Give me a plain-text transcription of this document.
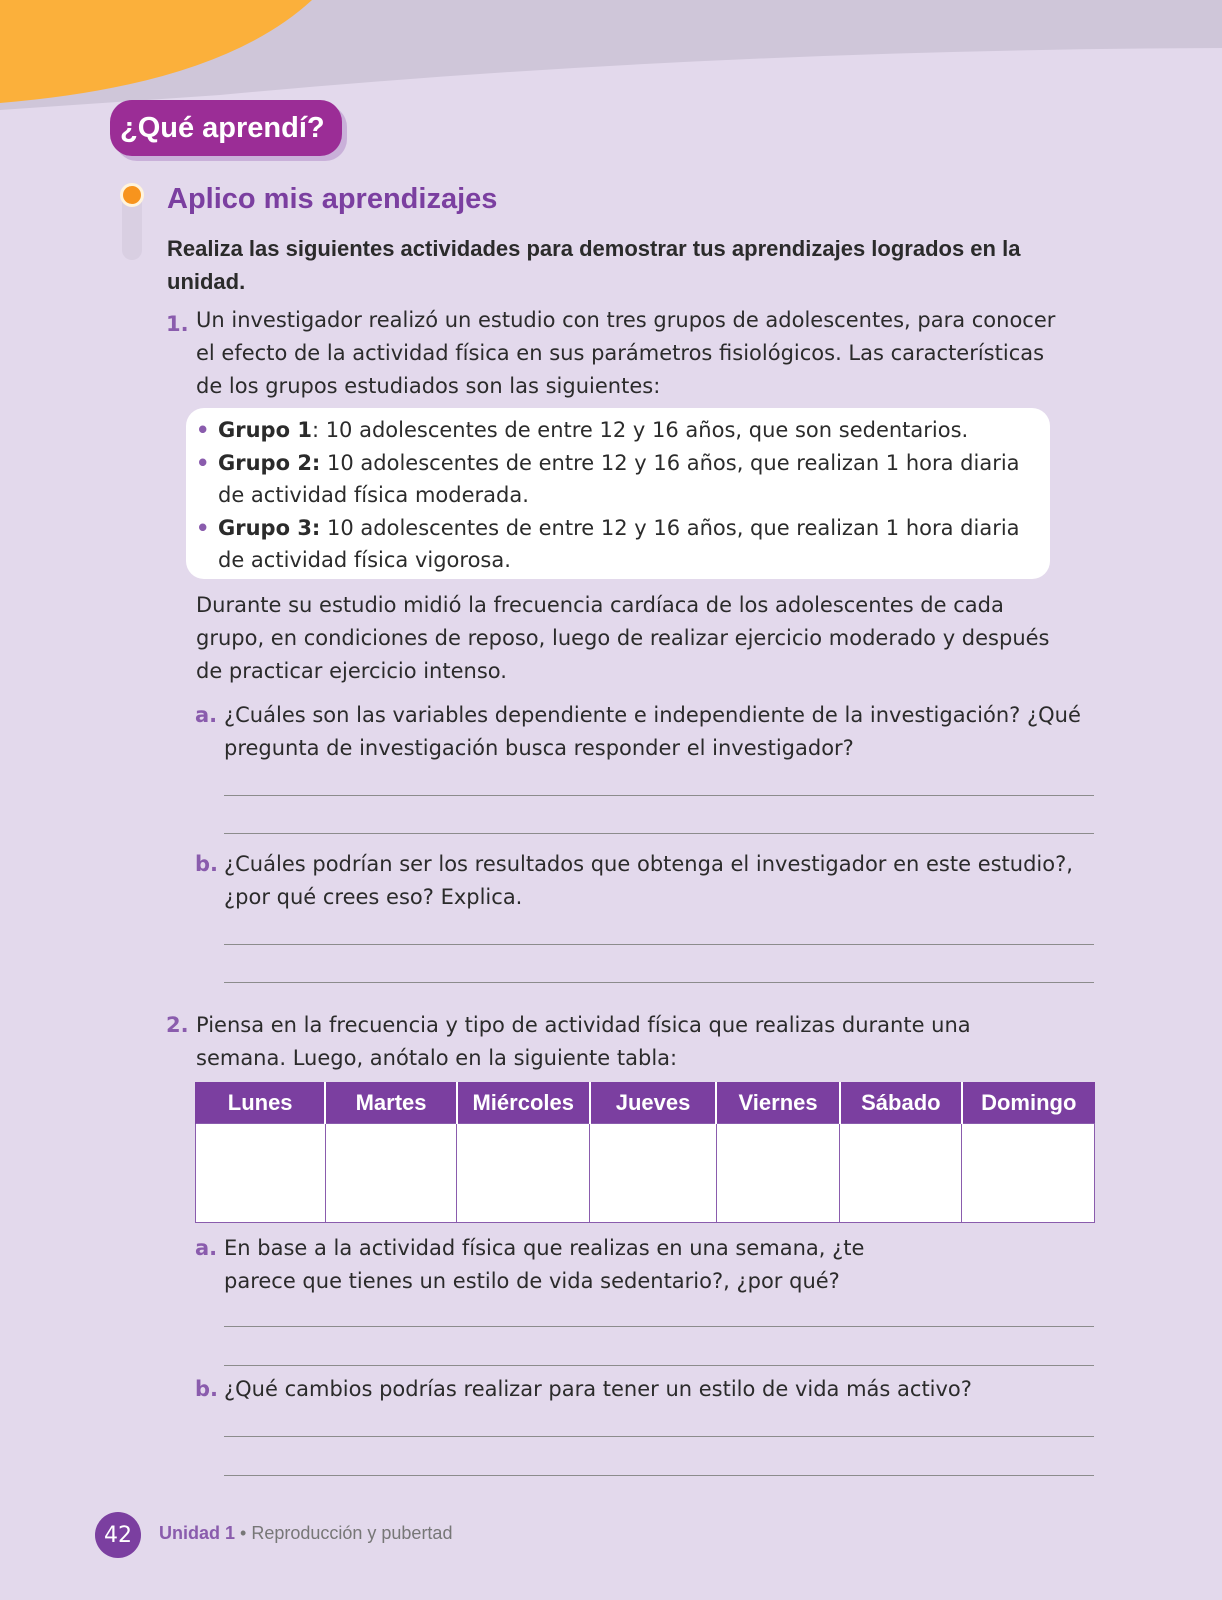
¿Qué aprendí?
Aplico mis aprendizajes
Realiza las siguientes actividades para demostrar tus aprendizajes logrados en la unidad.
1. Un investigador realizó un estudio con tres grupos de adolescentes, para conocer el efecto de la actividad física en sus parámetros fisiológicos. Las características de los grupos estudiados son las siguientes:
• Grupo 1: 10 adolescentes de entre 12 y 16 años, que son sedentarios.
• Grupo 2: 10 adolescentes de entre 12 y 16 años, que realizan 1 hora diaria
de actividad física moderada.
• Grupo 3: 10 adolescentes de entre 12 y 16 años, que realizan 1 hora diaria
de actividad física vigorosa.
Durante su estudio midió la frecuencia cardíaca de los adolescentes de cada grupo, en condiciones de reposo, luego de realizar ejercicio moderado y después de practicar ejercicio intenso.
a. ¿Cuáles son las variables dependiente e independiente de la investigación? ¿Qué pregunta de investigación busca responder el investigador?
b. ¿Cuáles podrían ser los resultados que obtenga el investigador en este estudio?, ¿por qué crees eso? Explica.
2. Piensa en la frecuencia y tipo de actividad física que realizas durante una semana. Luego, anótalo en la siguiente tabla:
Lunes	Martes	Miércoles	Jueves	Viernes	Sábado	Domingo

a. En base a la actividad física que realizas en una semana, ¿te parece que tienes un estilo de vida sedentario?, ¿por qué?
b. ¿Qué cambios podrías realizar para tener un estilo de vida más activo?
42	Unidad 1 • Reproducción y pubertad
